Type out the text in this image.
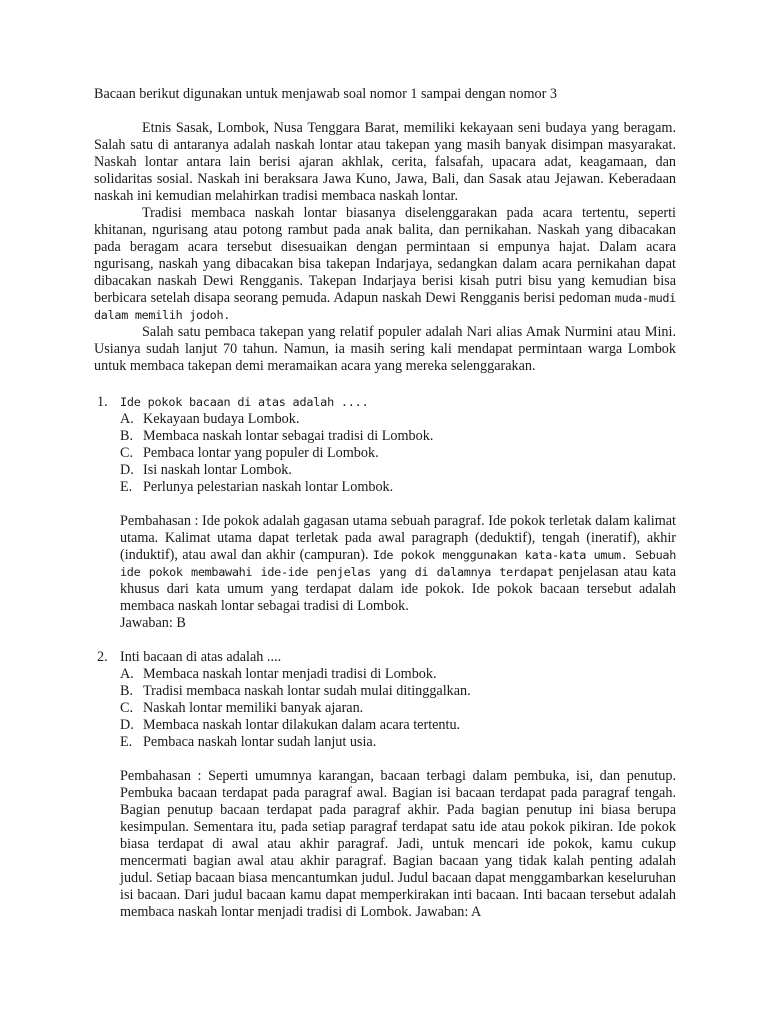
Bacaan berikut digunakan untuk menjawab soal nomor 1 sampai dengan nomor 3

Etnis Sasak, Lombok, Nusa Tenggara Barat, memiliki kekayaan seni budaya yang beragam. Salah satu di antaranya adalah naskah lontar atau takepan yang masih banyak disimpan masyarakat. Naskah lontar antara lain berisi ajaran akhlak, cerita, falsafah, upacara adat, keagamaan, dan solidaritas sosial. Naskah ini beraksara Jawa Kuno, Jawa, Bali, dan Sasak atau Jejawan. Keberadaan naskah ini kemudian melahirkan tradisi membaca naskah lontar.

Tradisi membaca naskah lontar biasanya diselenggarakan pada acara tertentu, seperti khitanan, ngurisang atau potong rambut pada anak balita, dan pernikahan. Naskah yang dibacakan pada beragam acara tersebut disesuaikan dengan permintaan si empunya hajat. Dalam acara ngurisang, naskah yang dibacakan bisa takepan Indarjaya, sedangkan dalam acara pernikahan dapat dibacakan naskah Dewi Rengganis. Takepan Indarjaya berisi kisah putri bisu yang kemudian bisa berbicara setelah disapa seorang pemuda. Adapun naskah Dewi Rengganis berisi pedoman muda-mudi dalam memilih jodoh.

Salah satu pembaca takepan yang relatif populer adalah Nari alias Amak Nurmini atau Mini. Usianya sudah lanjut 70 tahun. Namun, ia masih sering kali mendapat permintaan warga Lombok untuk membaca takepan demi meramaikan acara yang mereka selenggarakan.

1. Ide pokok bacaan di atas adalah ....

A. Kekayaan budaya Lombok.
B. Membaca naskah lontar sebagai tradisi di Lombok.
C. Pembaca lontar yang populer di Lombok.
D. Isi naskah lontar Lombok.
E. Perlunya pelestarian naskah lontar Lombok.

Pembahasan : Ide pokok adalah gagasan utama sebuah paragraf. Ide pokok terletak dalam kalimat utama. Kalimat utama dapat terletak pada awal paragraph (deduktif), tengah (ineratif), akhir (induktif), atau awal dan akhir (campuran). Ide pokok menggunakan kata-kata umum. Sebuah ide pokok membawahi ide-ide penjelas yang di dalamnya terdapat penjelasan atau kata khusus dari kata umum yang terdapat dalam ide pokok. Ide pokok bacaan tersebut adalah membaca naskah lontar sebagai tradisi di Lombok.

Jawaban: B

2. Inti bacaan di atas adalah ....

A. Membaca naskah lontar menjadi tradisi di Lombok.
B. Tradisi membaca naskah lontar sudah mulai ditinggalkan.
C. Naskah lontar memiliki banyak ajaran.
D. Membaca naskah lontar dilakukan dalam acara tertentu.
E. Pembaca naskah lontar sudah lanjut usia.

Pembahasan : Seperti umumnya karangan, bacaan terbagi dalam pembuka, isi, dan penutup. Pembuka bacaan terdapat pada paragraf awal. Bagian isi bacaan terdapat pada paragraf tengah. Bagian penutup bacaan terdapat pada paragraf akhir. Pada bagian penutup ini biasa berupa kesimpulan. Sementara itu, pada setiap paragraf terdapat satu ide atau pokok pikiran. Ide pokok biasa terdapat di awal atau akhir paragraf. Jadi, untuk mencari ide pokok, kamu cukup mencermati bagian awal atau akhir paragraf. Bagian bacaan yang tidak kalah penting adalah judul. Setiap bacaan biasa mencantumkan judul. Judul bacaan dapat menggambarkan keseluruhan isi bacaan. Dari judul bacaan kamu dapat memperkirakan inti bacaan. Inti bacaan tersebut adalah membaca naskah lontar menjadi tradisi di Lombok. Jawaban: A
